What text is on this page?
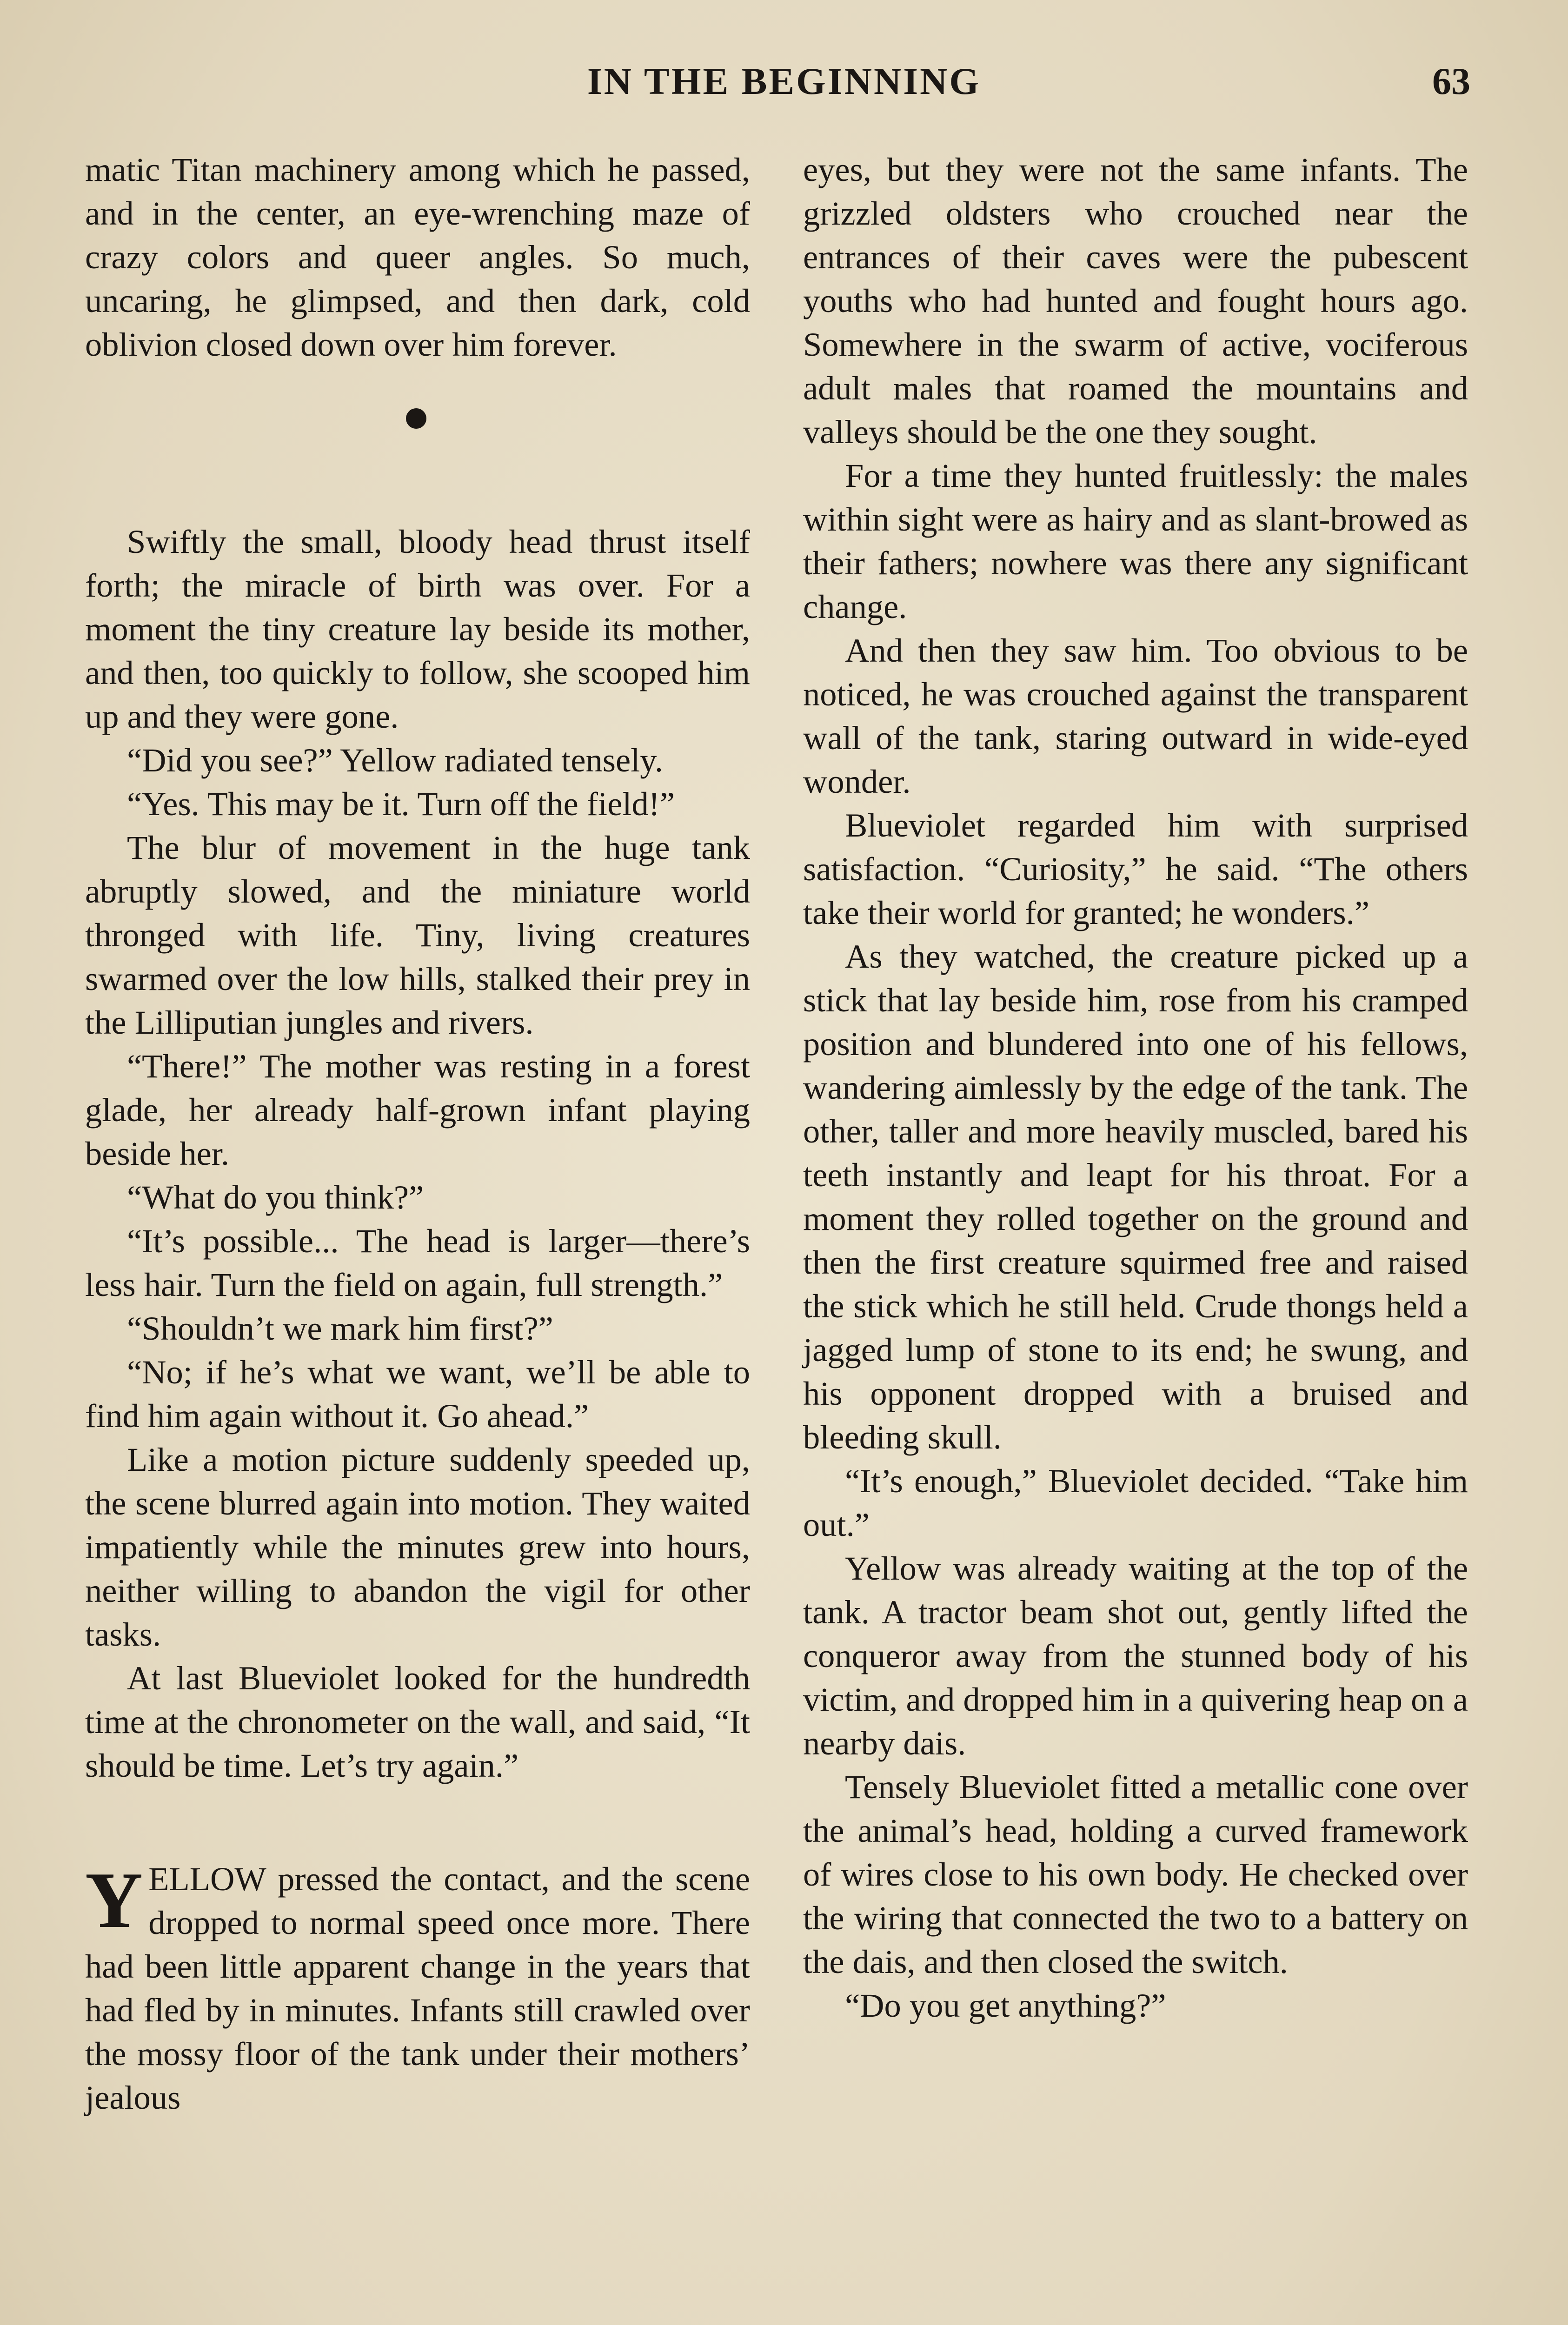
IN THE BEGINNING	63

matic Titan machinery among which he passed, and in the center, an eye-wrenching maze of crazy colors and queer angles. So much, uncaring, he glimpsed, and then dark, cold oblivion closed down over him forever.

Swiftly the small, bloody head thrust itself forth; the miracle of birth was over. For a moment the tiny creature lay beside its mother, and then, too quickly to follow, she scooped him up and they were gone.

“Did you see?” Yellow radiated tensely.

“Yes. This may be it. Turn off the field!”

The blur of movement in the huge tank abruptly slowed, and the miniature world thronged with life. Tiny, living creatures swarmed over the low hills, stalked their prey in the Lilliputian jungles and rivers.

“There!” The mother was resting in a forest glade, her already half-grown infant playing beside her.

“What do you think?”

“It’s possible... The head is larger—there’s less hair. Turn the field on again, full strength.”

“Shouldn’t we mark him first?”

“No; if he’s what we want, we’ll be able to find him again without it. Go ahead.”

Like a motion picture suddenly speeded up, the scene blurred again into motion. They waited impatiently while the minutes grew into hours, neither willing to abandon the vigil for other tasks.

At last Blueviolet looked for the hundredth time at the chronometer on the wall, and said, “It should be time. Let’s try again.”

YELLOW pressed the contact, and the scene dropped to normal speed once more. There had been little apparent change in the years that had fled by in minutes. Infants still crawled over the mossy floor of the tank under their mothers’ jealous

eyes, but they were not the same infants. The grizzled oldsters who crouched near the entrances of their caves were the pubescent youths who had hunted and fought hours ago. Somewhere in the swarm of active, vociferous adult males that roamed the mountains and valleys should be the one they sought.

For a time they hunted fruitlessly: the males within sight were as hairy and as slant-browed as their fathers; nowhere was there any significant change.

And then they saw him. Too obvious to be noticed, he was crouched against the transparent wall of the tank, staring outward in wide-eyed wonder.

Blueviolet regarded him with surprised satisfaction. “Curiosity,” he said. “The others take their world for granted; he wonders.”

As they watched, the creature picked up a stick that lay beside him, rose from his cramped position and blundered into one of his fellows, wandering aimlessly by the edge of the tank. The other, taller and more heavily muscled, bared his teeth instantly and leapt for his throat. For a moment they rolled together on the ground and then the first creature squirmed free and raised the stick which he still held. Crude thongs held a jagged lump of stone to its end; he swung, and his opponent dropped with a bruised and bleeding skull.

“It’s enough,” Blueviolet decided. “Take him out.”

Yellow was already waiting at the top of the tank. A tractor beam shot out, gently lifted the conqueror away from the stunned body of his victim, and dropped him in a quivering heap on a nearby dais.

Tensely Blueviolet fitted a metallic cone over the animal’s head, holding a curved framework of wires close to his own body. He checked over the wiring that connected the two to a battery on the dais, and then closed the switch.

“Do you get anything?”
